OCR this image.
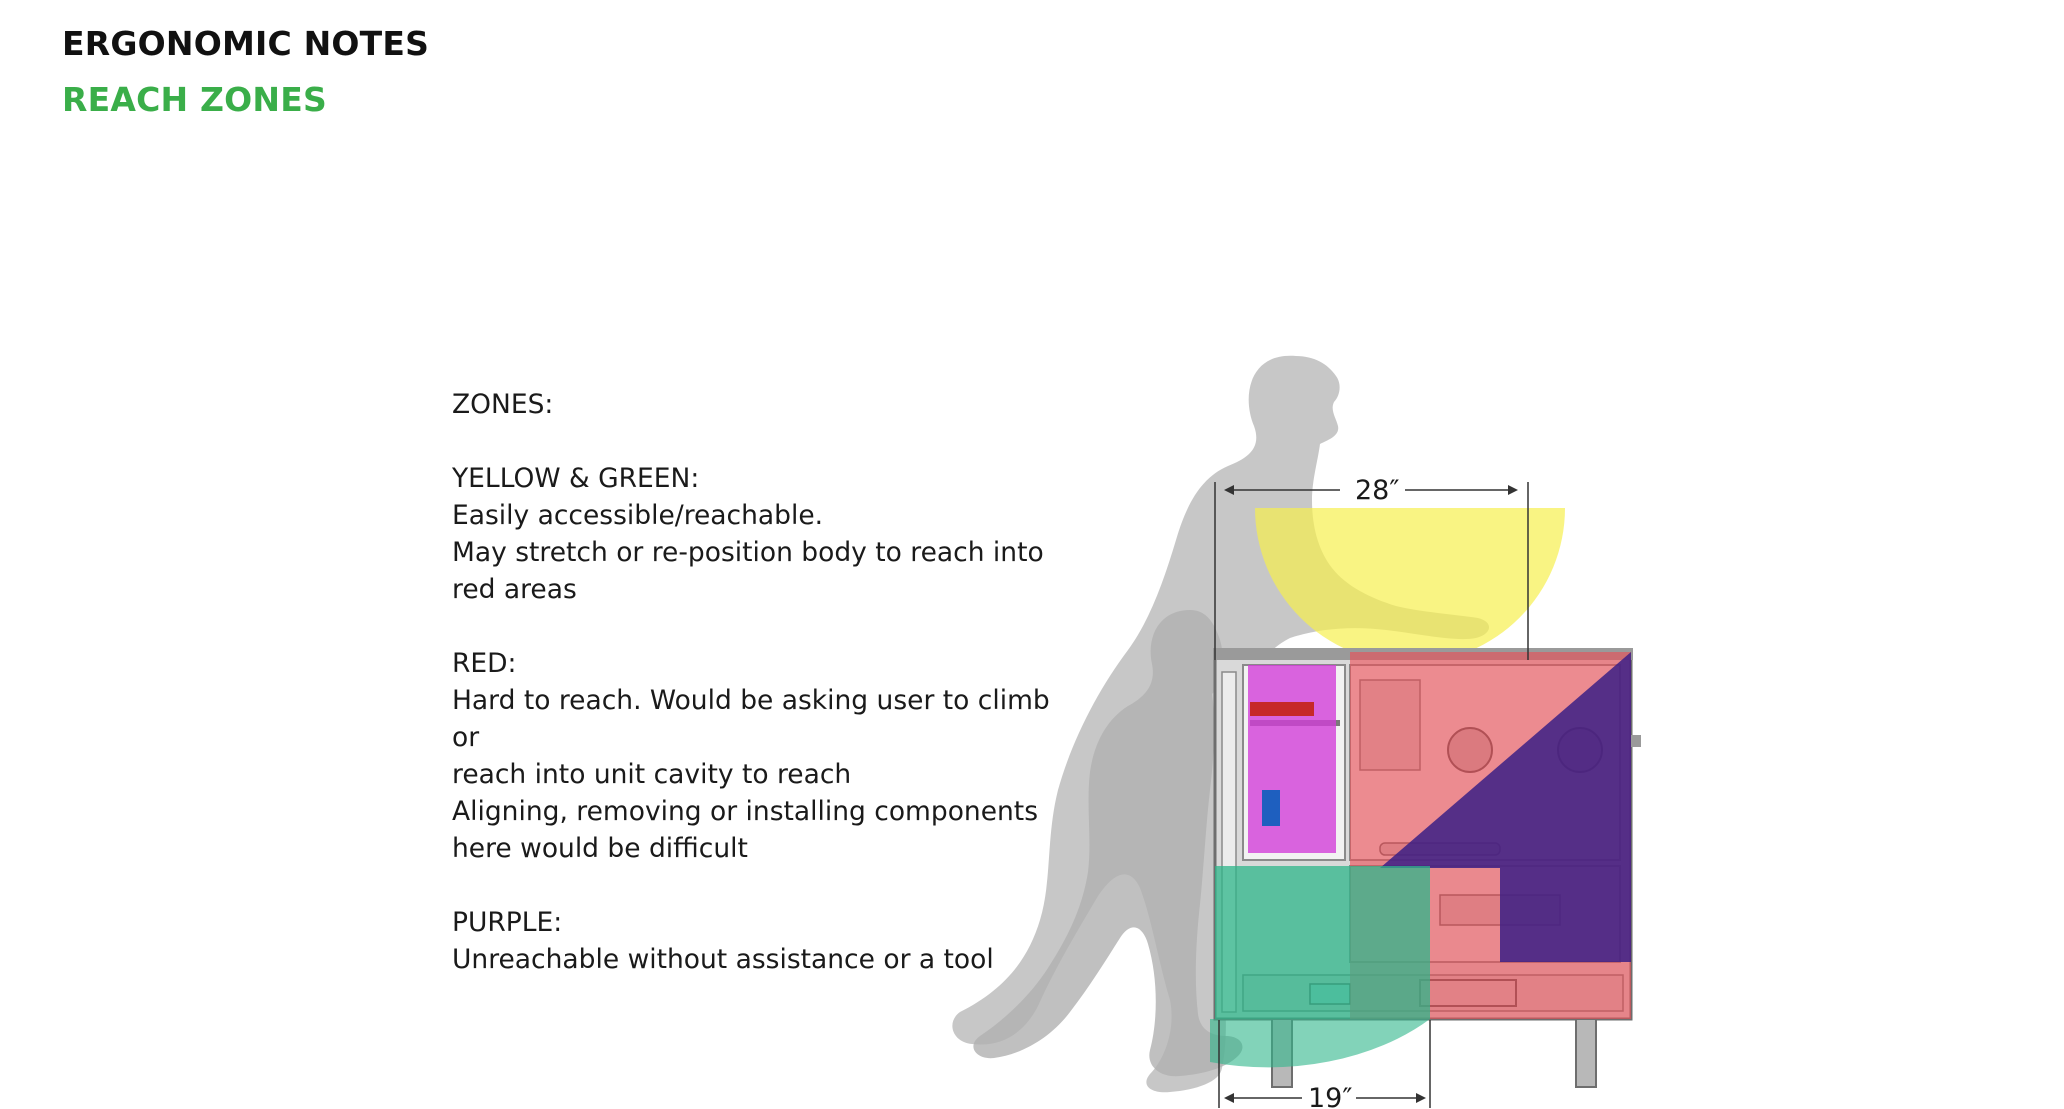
ERGONOMIC NOTES
REACH ZONES

ZONES:

YELLOW & GREEN:

Easily accessible/reachable.

May stretch or re-position body to reach into

red areas

RED:

Hard to reach. Would be asking user to climb or

reach into unit cavity to reach

Aligning, removing or installing components

here would be difficult

PURPLE:

Unreachable without assistance or a tool

28″
19″
